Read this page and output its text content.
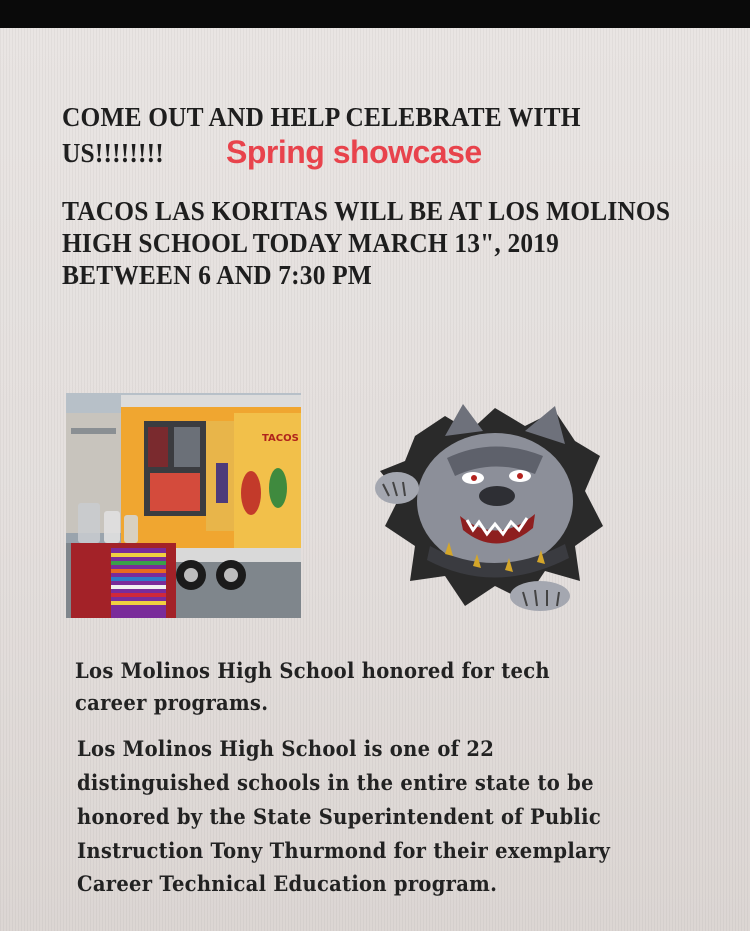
COME OUT AND HELP CELEBRATE WITH

US!!!!!!!! Spring showcase

TACOS LAS KORITAS WILL BE AT LOS MOLINOS

HIGH SCHOOL TODAY MARCH 13", 2019

BETWEEN 6 AND 7:30 PM

TACOS

Los Molinos High School honored for tech

career programs.

Los Molinos High School is one of 22

distinguished schools in the entire state to be

honored by the State Superintendent of Public

Instruction Tony Thurmond for their exemplary

Career Technical Education program.
